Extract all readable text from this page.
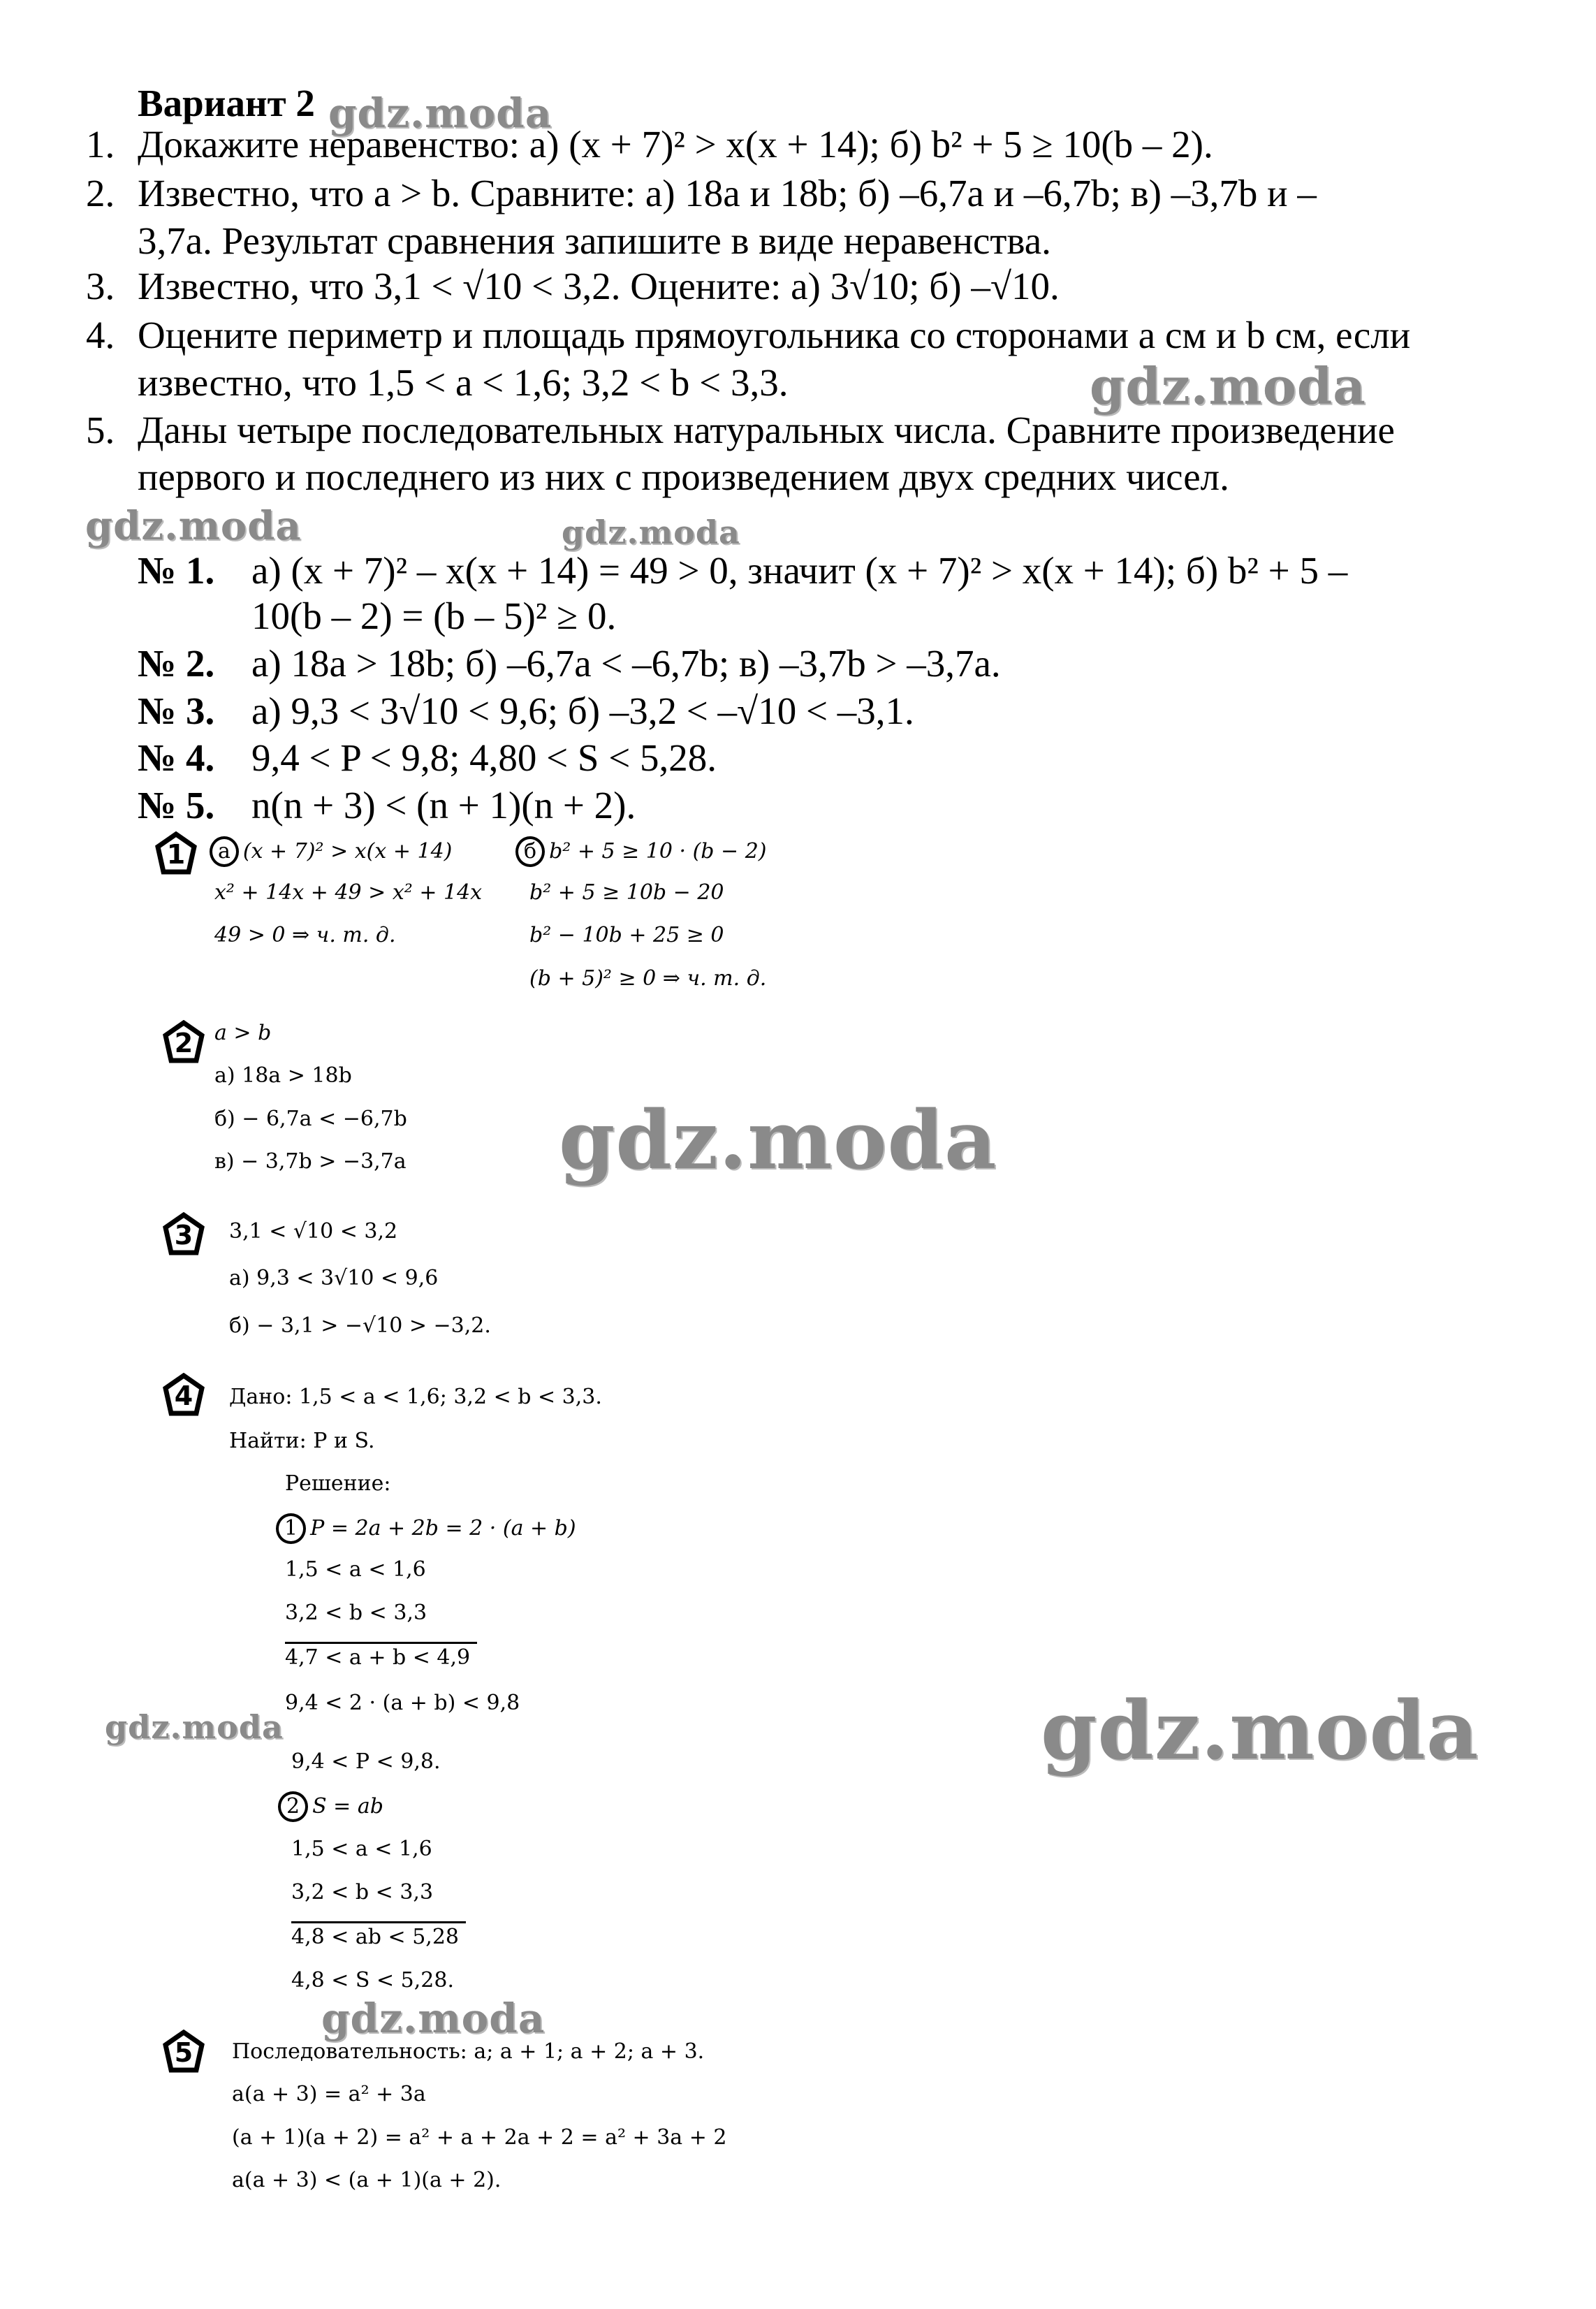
gdz.moda
gdz.moda
gdz.moda	gdz.moda
gdz.moda
gdz.moda	gdz.moda
gdz.moda
Вариант 2
1. Докажите неравенство: а) (x + 7)² > x(x + 14); б) b² + 5 ≥ 10(b – 2).
2. Известно, что a > b. Сравните: а) 18a и 18b; б) –6,7a и –6,7b; в) –3,7b и –
3,7a. Результат сравнения запишите в виде неравенства.
3. Известно, что 3,1 < √10 < 3,2. Оцените: а) 3√10; б) –√10.
4. Оцените периметр и площадь прямоугольника со сторонами a см и b см, если
известно, что 1,5 < a < 1,6; 3,2 < b < 3,3.
5. Даны четыре последовательных натуральных числа. Сравните произведение
первого и последнего из них с произведением двух средних чисел.
№ 1. а) (x + 7)² – x(x + 14) = 49 > 0, значит (x + 7)² > x(x + 14); б) b² + 5 –
10(b – 2) = (b – 5)² ≥ 0.
№ 2. а) 18a > 18b; б) –6,7a < –6,7b; в) –3,7b > –3,7a.
№ 3. а) 9,3 < 3√10 < 9,6; б) –3,2 < –√10 < –3,1.
№ 4. 9,4 < P < 9,8; 4,80 < S < 5,28.
№ 5. n(n + 3) < (n + 1)(n + 2).
1	а (x + 7)² > x(x + 14)
x² + 14x + 49 > x² + 14x
49 > 0 ⇒ ч. т. д.
б b² + 5 ≥ 10 · (b − 2)
b² + 5 ≥ 10b − 20
b² − 10b + 25 ≥ 0
(b + 5)² ≥ 0 ⇒ ч. т. д.
2 a > b
а) 18a > 18b
б) − 6,7a < −6,7b
в) − 3,7b > −3,7a
3 3,1 < √10 < 3,2
а) 9,3 < 3√10 < 9,6
б) − 3,1 > −√10 > −3,2.
4 Дано: 1,5 < a < 1,6; 3,2 < b < 3,3.
Найти: P и S.
Решение:
1 P = 2a + 2b = 2 · (a + b)
1,5 < a < 1,6
3,2 < b < 3,3
4,7 < a + b < 4,9
9,4 < 2 · (a + b) < 9,8
9,4 < P < 9,8.
2 S = ab
1,5 < a < 1,6
3,2 < b < 3,3
4,8 < ab < 5,28
4,8 < S < 5,28.
5 Последовательность: a; a + 1; a + 2; a + 3.
a(a + 3) = a² + 3a
(a + 1)(a + 2) = a² + a + 2a + 2 = a² + 3a + 2
a(a + 3) < (a + 1)(a + 2).
